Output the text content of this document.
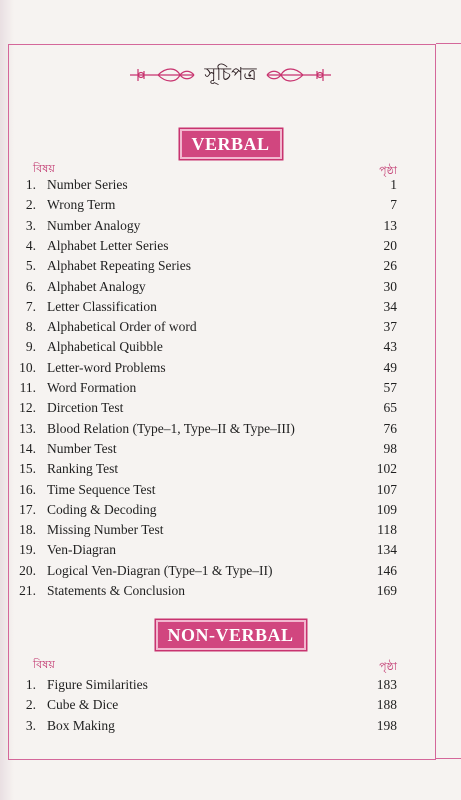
সূচিপত্র
VERBAL
বিষয়	পৃষ্ঠা
1. Number Series	1
2. Wrong Term	7
3. Number Analogy	13
4. Alphabet Letter Series	20
5. Alphabet Repeating Series	26
6. Alphabet Analogy	30
7. Letter Classification	34
8. Alphabetical Order of word	37
9. Alphabetical Quibble	43
10. Letter-word Problems	49
11. Word Formation	57
12. Dircetion Test	65
13. Blood Relation (Type–1, Type–II & Type–III)	76
14. Number Test	98
15. Ranking Test	102
16. Time Sequence Test	107
17. Coding & Decoding	109
18. Missing Number Test	118
19. Ven-Diagran	134
20. Logical Ven-Diagran (Type–1 & Type–II)	146
21. Statements & Conclusion	169
NON-VERBAL
বিষয়	পৃষ্ঠা
1. Figure Similarities	183
2. Cube & Dice	188
3. Box Making	198
